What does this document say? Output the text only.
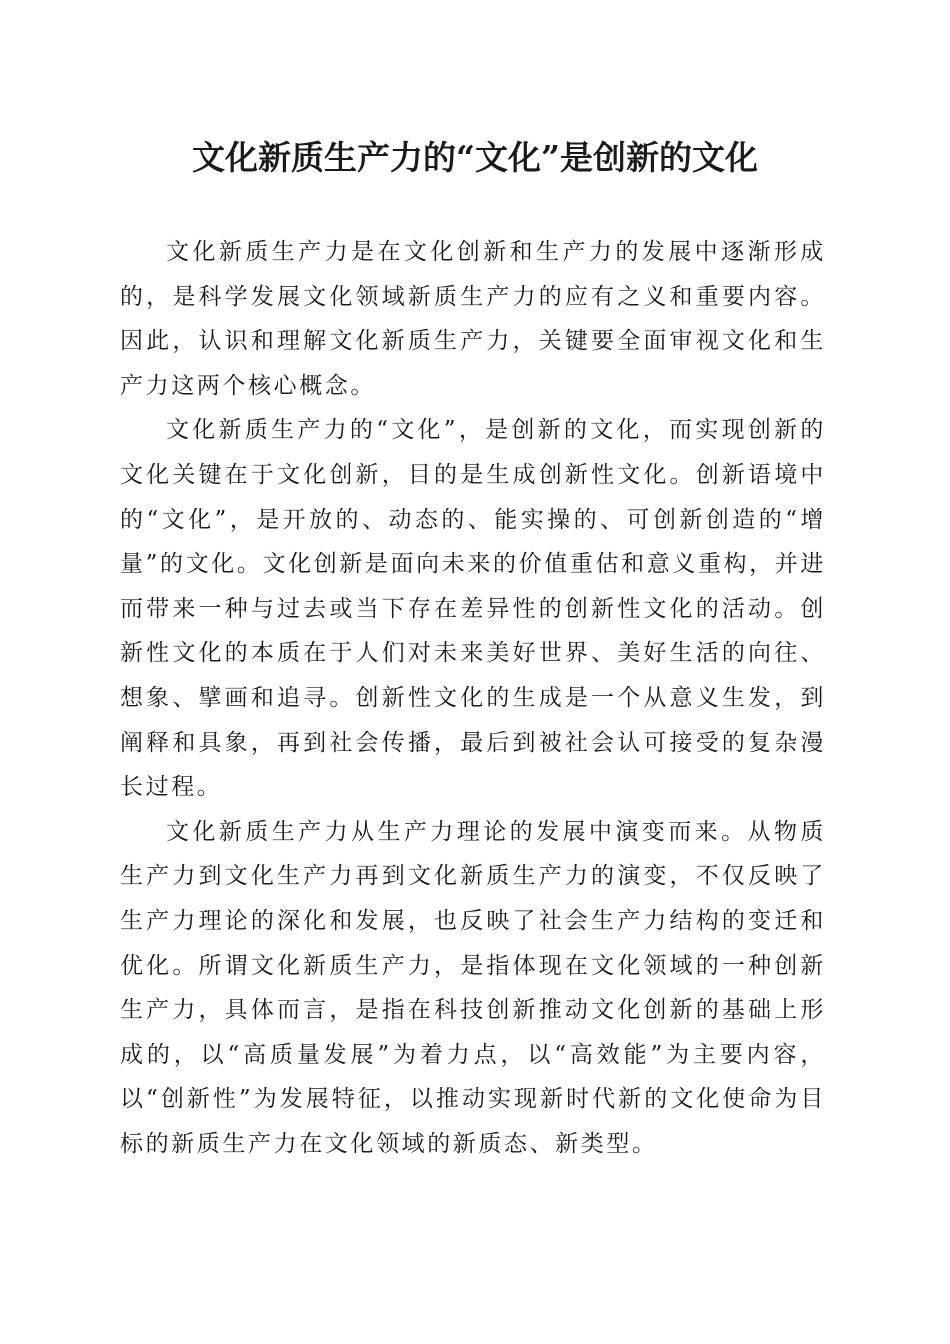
文化新质生产力的“文化”是创新的文化

文化新质生产力是在文化创新和生产力的发展中逐渐形成的，是科学发展文化领域新质生产力的应有之义和重要内容。因此，认识和理解文化新质生产力，关键要全面审视文化和生产力这两个核心概念。

文化新质生产力的“文化”，是创新的文化，而实现创新的文化关键在于文化创新，目的是生成创新性文化。创新语境中的“文化”，是开放的、动态的、能实操的、可创新创造的“增量”的文化。文化创新是面向未来的价值重估和意义重构，并进而带来一种与过去或当下存在差异性的创新性文化的活动。创新性文化的本质在于人们对未来美好世界、美好生活的向往、想象、擘画和追寻。创新性文化的生成是一个从意义生发，到阐释和具象，再到社会传播，最后到被社会认可接受的复杂漫长过程。

文化新质生产力从生产力理论的发展中演变而来。从物质生产力到文化生产力再到文化新质生产力的演变，不仅反映了生产力理论的深化和发展，也反映了社会生产力结构的变迁和优化。所谓文化新质生产力，是指体现在文化领域的一种创新生产力，具体而言，是指在科技创新推动文化创新的基础上形成的，以“高质量发展”为着力点，以“高效能”为主要内容，以“创新性”为发展特征，以推动实现新时代新的文化使命为目标的新质生产力在文化领域的新质态、新类型。
